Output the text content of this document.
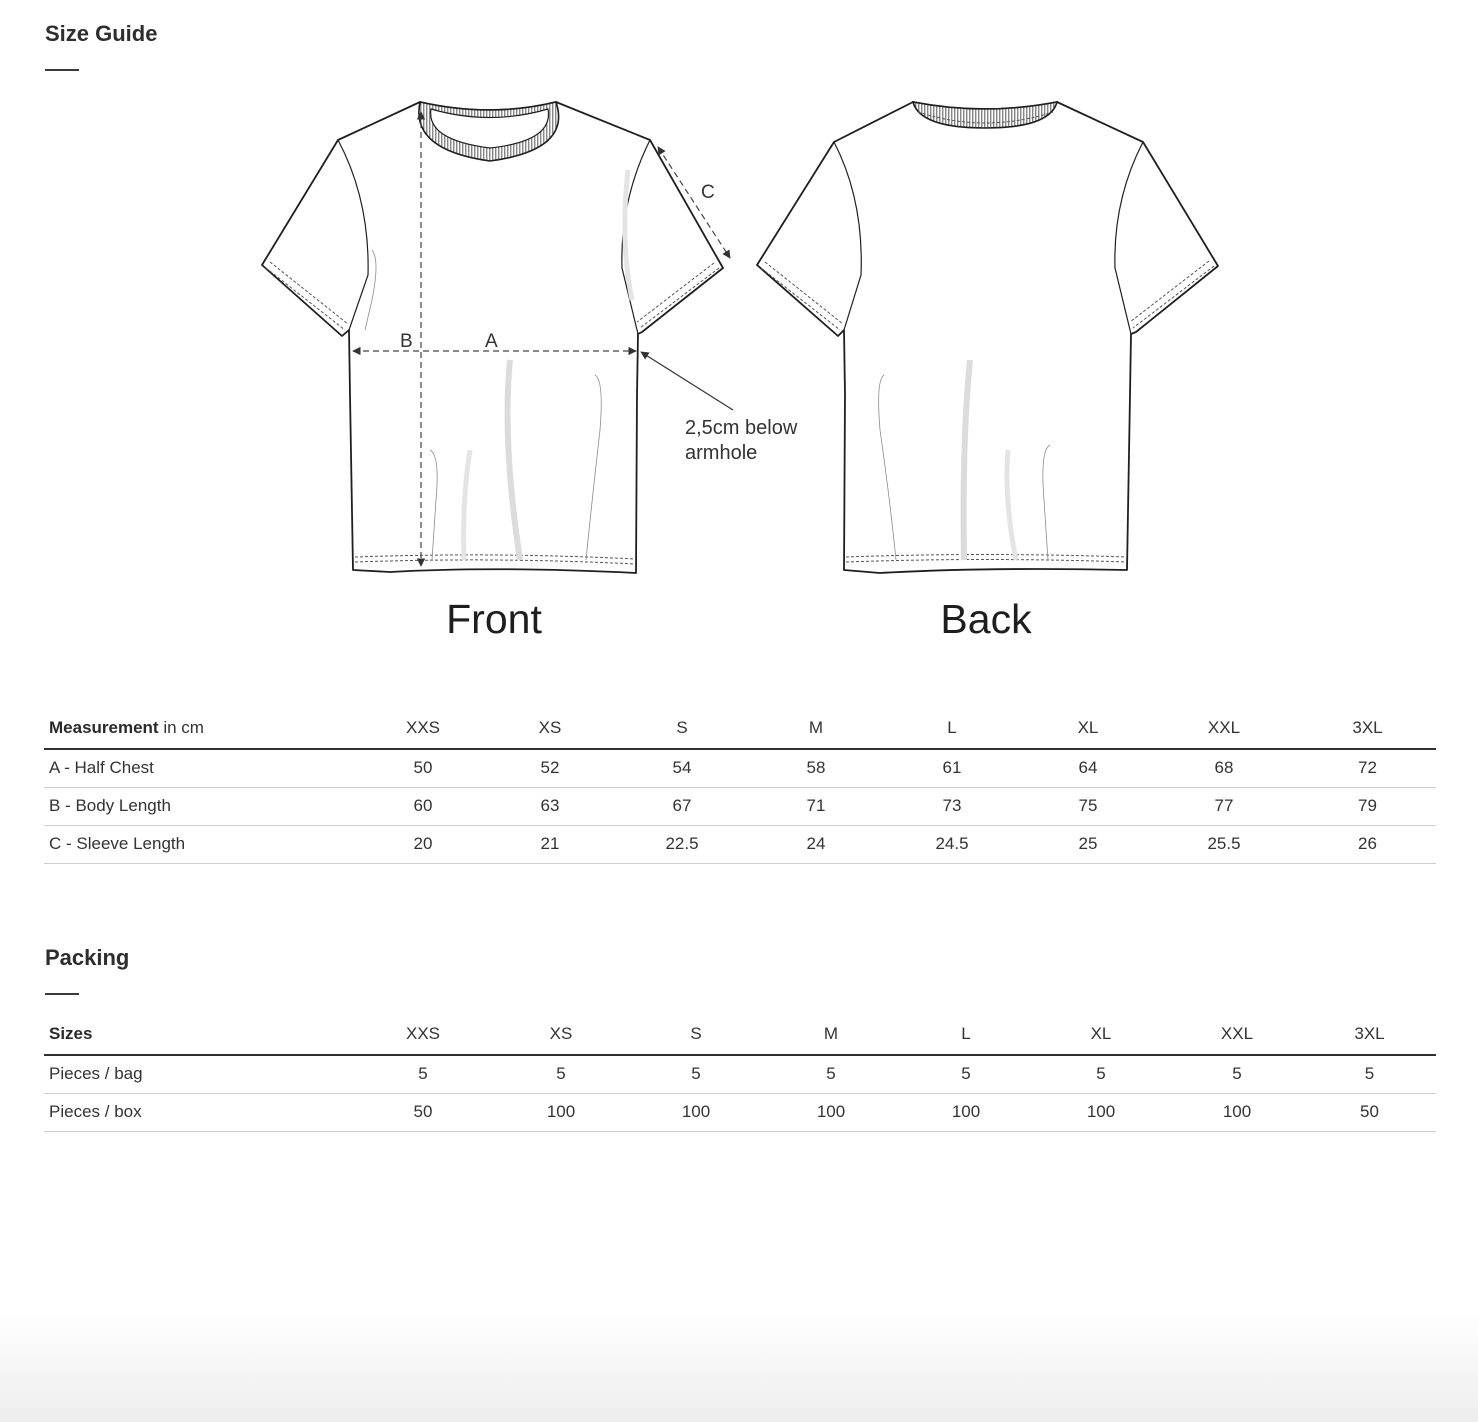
Size Guide
B	A
C
2,5cm below
armhole
Front	Back
Measurement in cm	XXS	XS	S	M	L	XL	XXL	3XL
A - Half Chest	50	52	54	58	61	64	68	72
B - Body Length	60	63	67	71	73	75	77	79
C - Sleeve Length	20	21	22.5	24	24.5	25	25.5	26
Packing
Sizes	XXS	XS	S	M	L	XL	XXL	3XL
Pieces / bag	5	5	5	5	5	5	5	5
Pieces / box	50	100	100	100	100	100	100	50
